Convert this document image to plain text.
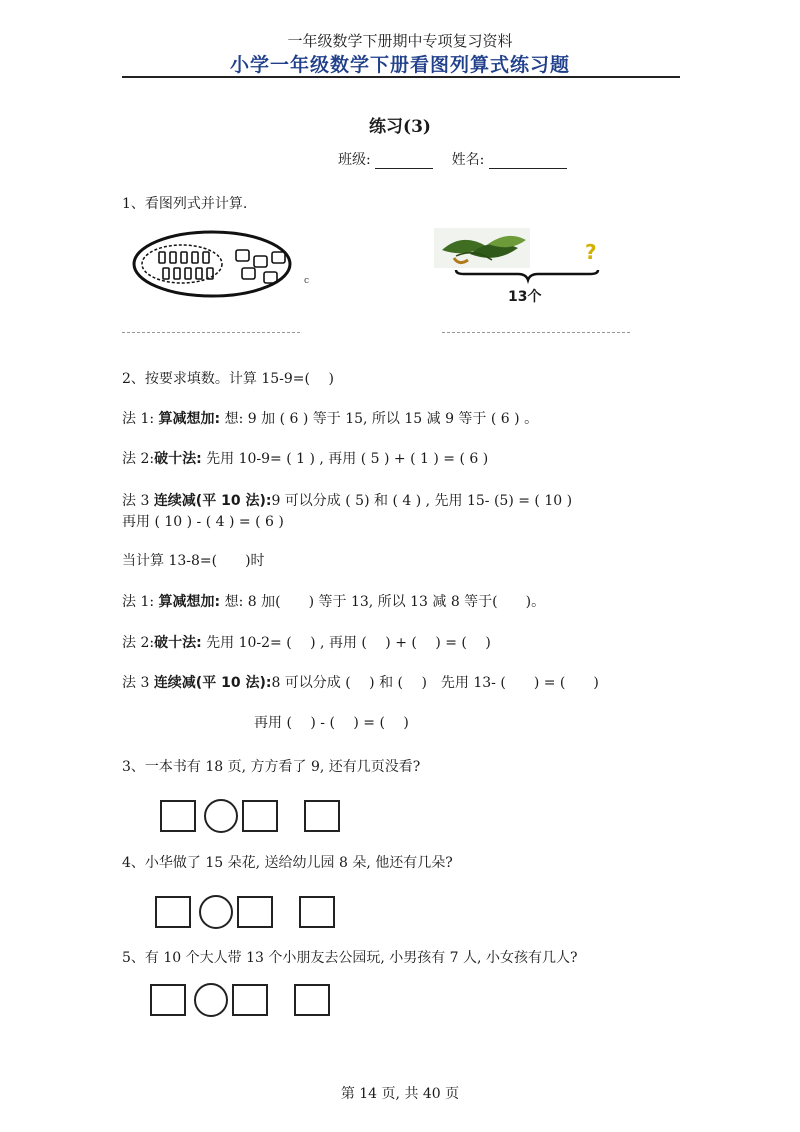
一年级数学下册期中专项复习资料
小学一年级数学下册看图列算式练习题
练习(3)
班级:	姓名:
1、看图列式并计算.
c
?
13个
2、按要求填数。计算 15-9=(　 )
法 1: 算减想加: 想: 9 加 ( 6 ) 等于 15, 所以 15 减 9 等于 ( 6 ) 。
法 2:破十法: 先用 10-9= ( 1 ) , 再用 ( 5 ) + ( 1 ) = ( 6 )
法 3 连续减(平 10 法):9 可以分成 ( 5) 和 ( 4 ) , 先用 15- (5) = ( 10 )
再用 ( 10 ) - ( 4 ) = ( 6 )
当计算 13-8=(　　)时
法 1: 算减想加: 想: 8 加(　　) 等于 13, 所以 13 减 8 等于(　　)。
法 2:破十法: 先用 10-2= (　 ) , 再用 (　 ) + (　 ) = (　 )
法 3 连续减(平 10 法):8 可以分成 (　 ) 和 (　 )　先用 13- (　　) = (　　)
再用 (　 ) - (　 ) = (　 )
3、一本书有 18 页, 方方看了 9, 还有几页没看?
4、小华做了 15 朵花, 送给幼儿园 8 朵, 他还有几朵?
5、有 10 个大人带 13 个小朋友去公园玩, 小男孩有 7 人, 小女孩有几人?
第 14 页, 共 40 页
